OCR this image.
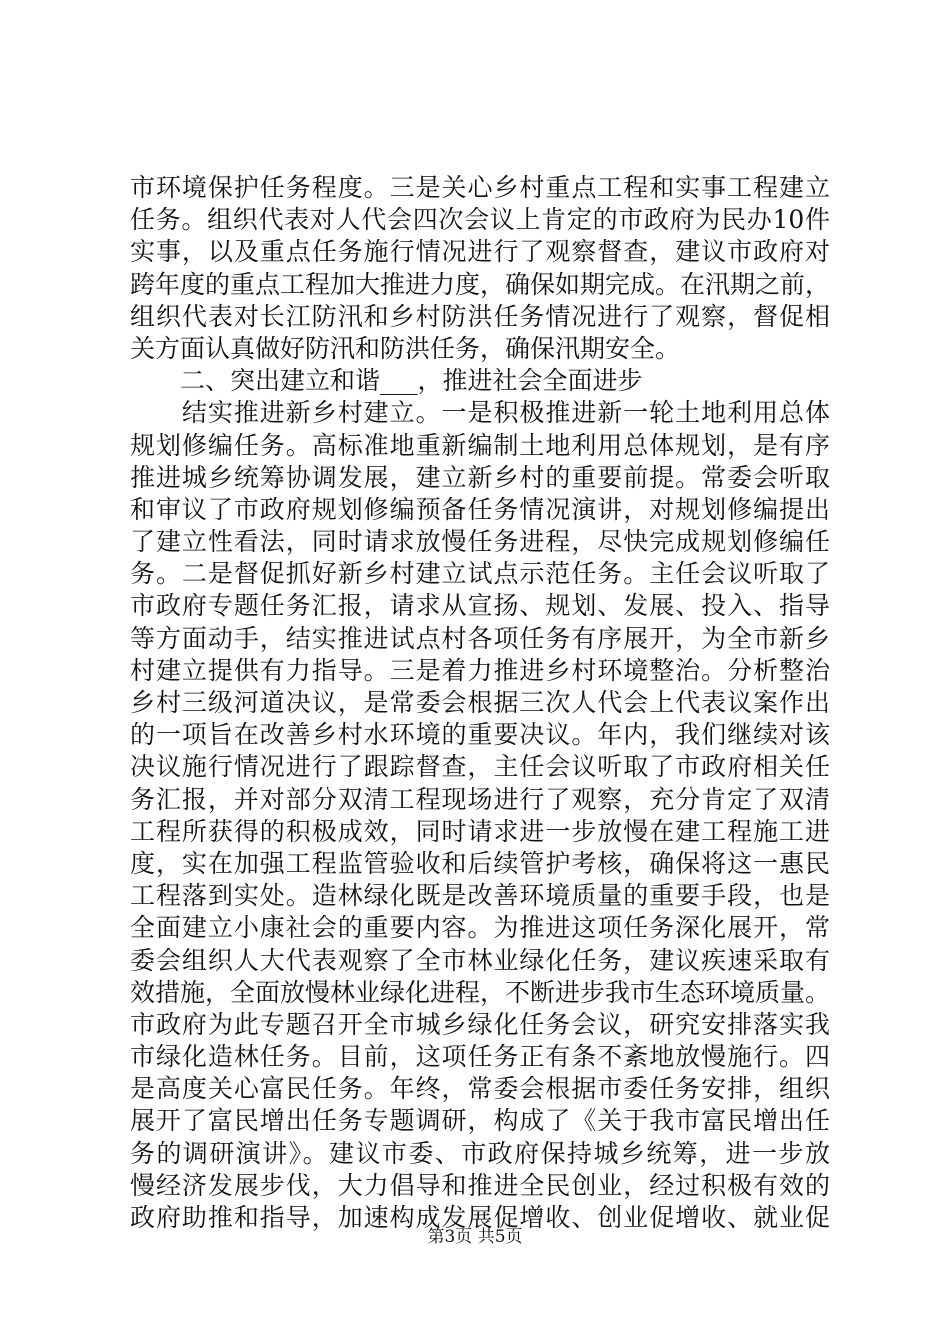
市环境保护任务程度。三是关心乡村重点工程和实事工程建立
任务。组织代表对人代会四次会议上肯定的市政府为民办10件
实事，以及重点任务施行情况进行了观察督查，建议市政府对
跨年度的重点工程加大推进力度，确保如期完成。在汛期之前，
组织代表对长江防汛和乡村防洪任务情况进行了观察，督促相
关方面认真做好防汛和防洪任务，确保汛期安全。
　　二、突出建立和谐___，推进社会全面进步
　　结实推进新乡村建立。一是积极推进新一轮土地利用总体
规划修编任务。高标准地重新编制土地利用总体规划，是有序
推进城乡统筹协调发展，建立新乡村的重要前提。常委会听取
和审议了市政府规划修编预备任务情况演讲，对规划修编提出
了建立性看法，同时请求放慢任务进程，尽快完成规划修编任
务。二是督促抓好新乡村建立试点示范任务。主任会议听取了
市政府专题任务汇报，请求从宣扬、规划、发展、投入、指导
等方面动手，结实推进试点村各项任务有序展开，为全市新乡
村建立提供有力指导。三是着力推进乡村环境整治。分析整治
乡村三级河道决议，是常委会根据三次人代会上代表议案作出
的一项旨在改善乡村水环境的重要决议。年内，我们继续对该
决议施行情况进行了跟踪督查，主任会议听取了市政府相关任
务汇报，并对部分双清工程现场进行了观察，充分肯定了双清
工程所获得的积极成效，同时请求进一步放慢在建工程施工进
度，实在加强工程监管验收和后续管护考核，确保将这一惠民
工程落到实处。造林绿化既是改善环境质量的重要手段，也是
全面建立小康社会的重要内容。为推进这项任务深化展开，常
委会组织人大代表观察了全市林业绿化任务，建议疾速采取有
效措施，全面放慢林业绿化进程，不断进步我市生态环境质量。
市政府为此专题召开全市城乡绿化任务会议，研究安排落实我
市绿化造林任务。目前，这项任务正有条不紊地放慢施行。四
是高度关心富民任务。年终，常委会根据市委任务安排，组织
展开了富民增出任务专题调研，构成了《关于我市富民增出任
务的调研演讲》。建议市委、市政府保持城乡统筹，进一步放
慢经济发展步伐，大力倡导和推进全民创业，经过积极有效的
政府助推和指导，加速构成发展促增收、创业促增收、就业促
第3页 共5页
